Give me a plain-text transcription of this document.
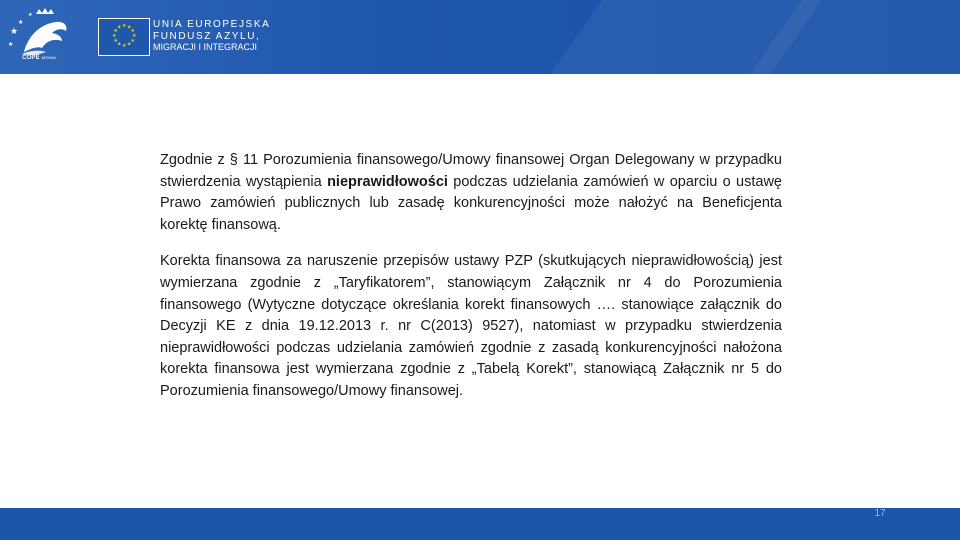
★
★
★
★
COPE MSWiA
★ ★
★
★
★
★
★
★
★
★
★
★	UNIA EUROPEJSKA
FUNDUSZ AZYLU,
MIGRACJI I INTEGRACJI

Zgodnie z § 11 Porozumienia finansowego/Umowy finansowej Organ Delegowany w przypadku stwierdzenia wystąpienia nieprawidłowości podczas udzielania zamówień w oparciu o ustawę Prawo zamówień publicznych lub zasadę konkurencyjności może nałożyć na Beneficjenta korektę finansową.

Korekta finansowa za naruszenie przepisów ustawy PZP (skutkujących nieprawidłowością) jest wymierzana zgodnie z „Taryfikatorem”, stanowiącym Załącznik nr 4 do Porozumienia finansowego (Wytyczne dotyczące określania korekt finansowych …. stanowiące załącznik do Decyzji KE z dnia 19.12.2013 r. nr C(2013) 9527), natomiast w przypadku stwierdzenia nieprawidłowości podczas udzielania zamówień zgodnie z zasadą konkurencyjności nałożona korekta finansowa jest wymierzana zgodnie z „Tabelą Korekt”, stanowiącą Załącznik nr 5 do Porozumienia finansowego/Umowy finansowej.

17
